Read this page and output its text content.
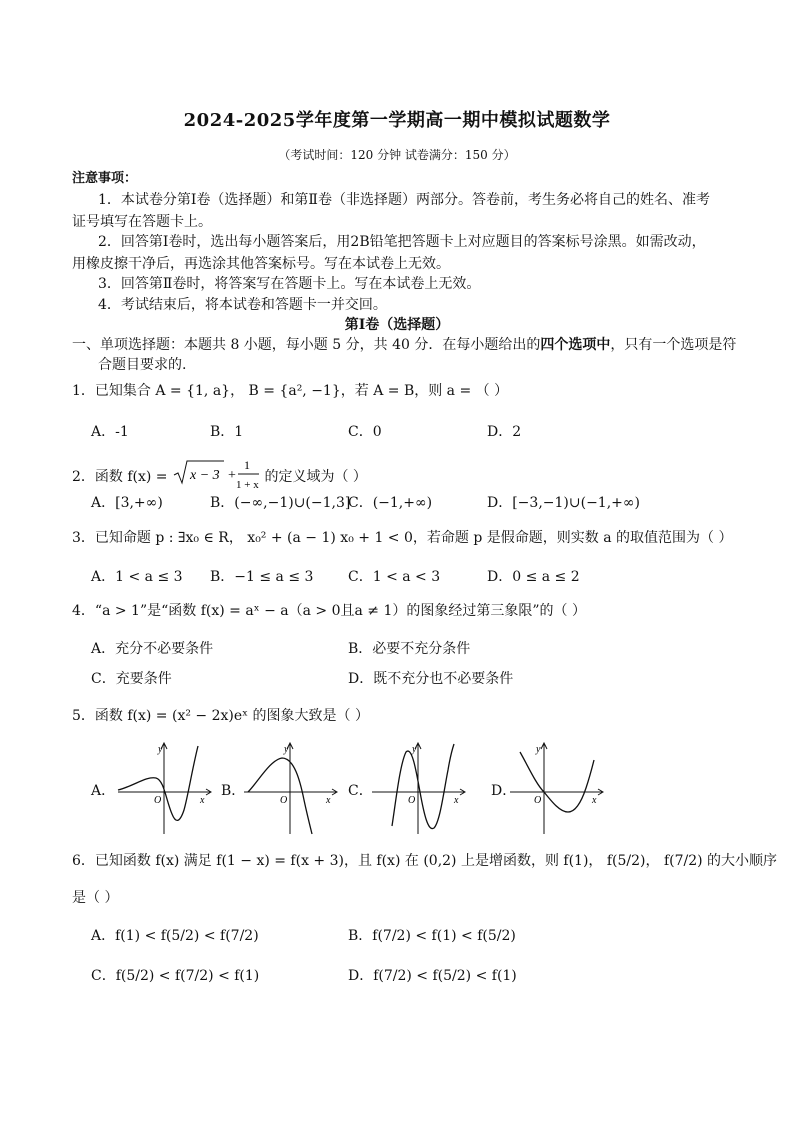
2024-2025学年度第一学期高一期中模拟试题数学
（考试时间：120 分钟 试卷满分：150 分）
注意事项：
1．本试卷分第Ⅰ卷（选择题）和第Ⅱ卷（非选择题）两部分。答卷前，考生务必将自己的姓名、准考
证号填写在答题卡上。
2．回答第Ⅰ卷时，选出每小题答案后，用2B铅笔把答题卡上对应题目的答案标号涂黑。如需改动，
用橡皮擦干净后，再选涂其他答案标号。写在本试卷上无效。
3．回答第Ⅱ卷时，将答案写在答题卡上。写在本试卷上无效。
4．考试结束后，将本试卷和答题卡一并交回。
第Ⅰ卷（选择题）
一、单项选择题：本题共 8 小题，每小题 5 分，共 40 分．在每小题给出的四个选项中，只有一个选项是符
合题目要求的.
1．已知集合 A = {1, a}， B = {a², −1}，若 A = B，则 a = （ ）
A．-1	B．1	C．0	D．2
2．函数 f(x) = x − 3 +
1
1 + x 的定义域为（ ）
A．[3,+∞)	B．(−∞,−1)∪(−1,3]
C．(−1,+∞)	D．[−3,−1)∪(−1,+∞)
3．已知命题 p : ∃x₀ ∈ R， x₀² + (a − 1) x₀ + 1 < 0，若命题 p 是假命题，则实数 a 的取值范围为（ ）
A．1 < a ≤ 3 B．−1 ≤ a ≤ 3 C．1 < a < 3	D．0 ≤ a ≤ 2
4．“a > 1”是“函数 f(x) = aˣ − a（a > 0且a ≠ 1）的图象经过第三象限”的（ ）
A．充分不必要条件	B．必要不充分条件
C．充要条件	D．既不充分也不必要条件
5．函数 f(x) = (x² − 2x)eˣ 的图象大致是（ ）
A．
y
x
O
B．
y
x
O
C．
y
x
O
D．
y
x
O
6．已知函数 f(x) 满足 f(1 − x) = f(x + 3)，且 f(x) 在 (0,2) 上是增函数，则 f(1)， f(5/2)， f(7/2) 的大小顺序
是（ ）
A．f(1) < f(5/2) < f(7/2)	B．f(7/2) < f(1) < f(5/2)
C．f(5/2) < f(7/2) < f(1)	D．f(7/2) < f(5/2) < f(1)
